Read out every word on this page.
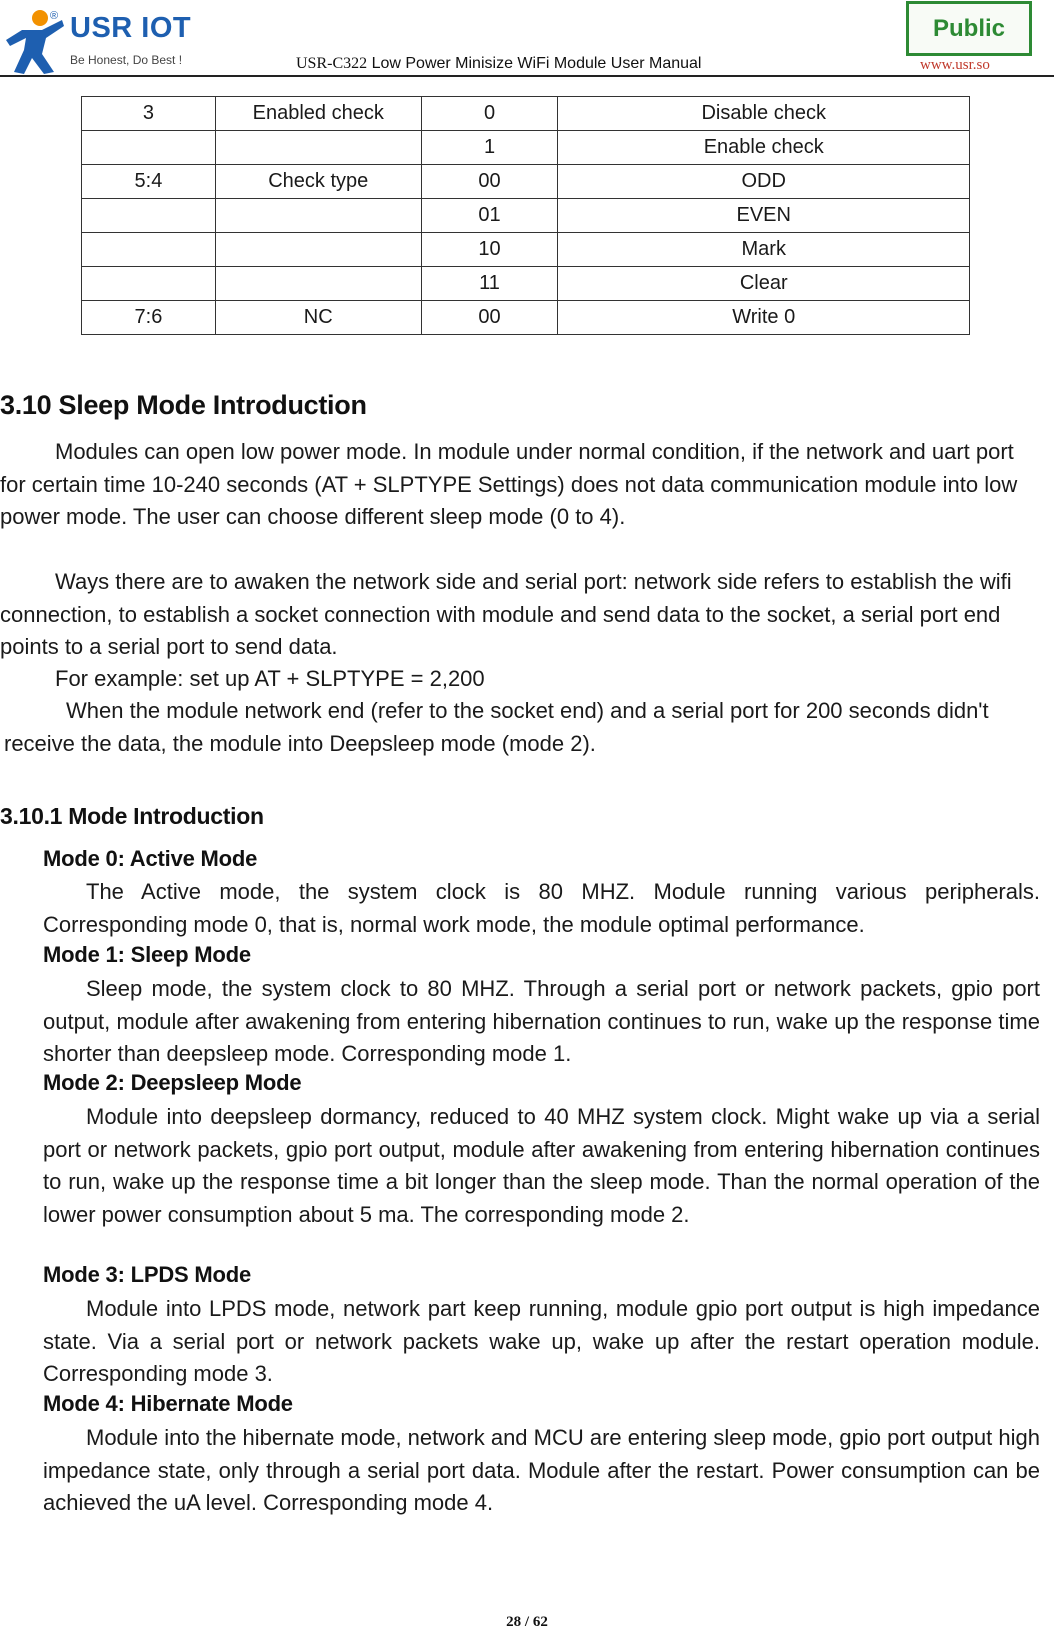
® USR IOT
Be Honest, Do Best !	USR-C322 Low Power Minisize WiFi Module User Manual
Public
www.usr.so
3	Enabled check	0	Disable check
		1	Enable check
5:4	Check type	00	ODD
		01	EVEN
		10	Mark
		11	Clear
7:6	NC	00	Write 0
3.10 Sleep Mode Introduction
Modules can open low power mode. In module under normal condition, if the network and uart port for certain time 10-240 seconds (AT + SLPTYPE Settings) does not data communication module into low power mode. The user can choose different sleep mode (0 to 4).
Ways there are to awaken the network side and serial port: network side refers to establish the wifi connection, to establish a socket connection with module and send data to the socket, a serial port end points to a serial port to send data.
For example: set up AT + SLPTYPE = 2,200
When the module network end (refer to the socket end) and a serial port for 200 seconds didn't receive the data, the module into Deepsleep mode (mode 2).
3.10.1 Mode Introduction
Mode 0: Active Mode
The Active mode, the system clock is 80 MHZ. Module running various peripherals. Corresponding mode 0, that is, normal work mode, the module optimal performance.
Mode 1: Sleep Mode
Sleep mode, the system clock to 80 MHZ. Through a serial port or network packets, gpio port output, module after awakening from entering hibernation continues to run, wake up the response time shorter than deepsleep mode. Corresponding mode 1.
Mode 2: Deepsleep Mode
Module into deepsleep dormancy, reduced to 40 MHZ system clock. Might wake up via a serial port or network packets, gpio port output, module after awakening from entering hibernation continues to run, wake up the response time a bit longer than the sleep mode. Than the normal operation of the lower power consumption about 5 ma. The corresponding mode 2.
Mode 3: LPDS Mode
Module into LPDS mode, network part keep running, module gpio port output is high impedance state. Via a serial port or network packets wake up, wake up after the restart operation module. Corresponding mode 3.
Mode 4: Hibernate Mode
Module into the hibernate mode, network and MCU are entering sleep mode, gpio port output high impedance state, only through a serial port data. Module after the restart. Power consumption can be achieved the uA level. Corresponding mode 4.
28 / 62
